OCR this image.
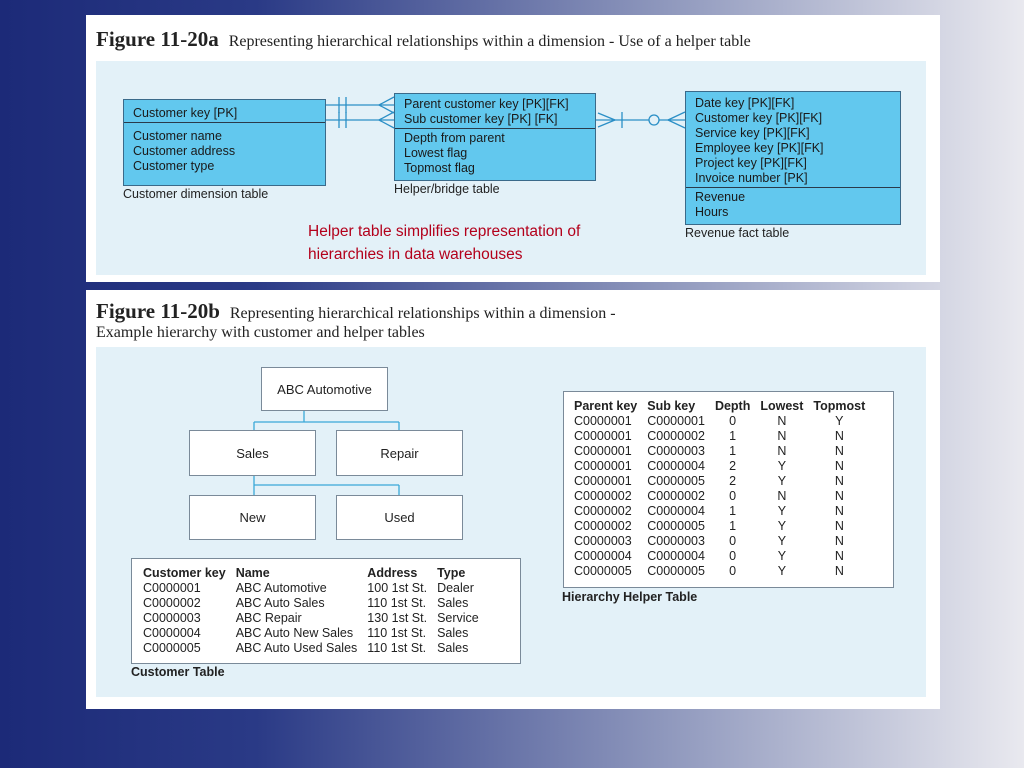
Figure 11-20a Representing hierarchical relationships within a dimension - Use of a helper table
Customer key [PK]
Customer name
Customer address
Customer type
Customer dimension table
Parent customer key [PK][FK]
Sub customer key [PK] [FK]
Depth from parent
Lowest flag
Topmost flag
Helper/bridge table
Date key [PK][FK]
Customer key [PK][FK]
Service key [PK][FK]
Employee key [PK][FK]
Project key [PK][FK]
Invoice number [PK]
Revenue
Hours
Revenue fact table
Helper table simplifies representation of
hierarchies in data warehouses
Figure 11-20b Representing hierarchical relationships within a dimension -
Example hierarchy with customer and helper tables
ABC Automotive
Sales	Repair
New	Used
Customer key	Name	Address	Type
C0000001	ABC Automotive	100 1st St.	Dealer
C0000002	ABC Auto Sales	110 1st St.	Sales
C0000003	ABC Repair	130 1st St.	Service
C0000004	ABC Auto New Sales	110 1st St.	Sales
C0000005	ABC Auto Used Sales	110 1st St.	Sales
Customer Table
Parent key	Sub key	Depth	Lowest	Topmost
C0000001	C0000001	0	N	Y
C0000001	C0000002	1	N	N
C0000001	C0000003	1	N	N
C0000001	C0000004	2	Y	N
C0000001	C0000005	2	Y	N
C0000002	C0000002	0	N	N
C0000002	C0000004	1	Y	N
C0000002	C0000005	1	Y	N
C0000003	C0000003	0	Y	N
C0000004	C0000004	0	Y	N
C0000005	C0000005	0	Y	N
Hierarchy Helper Table
